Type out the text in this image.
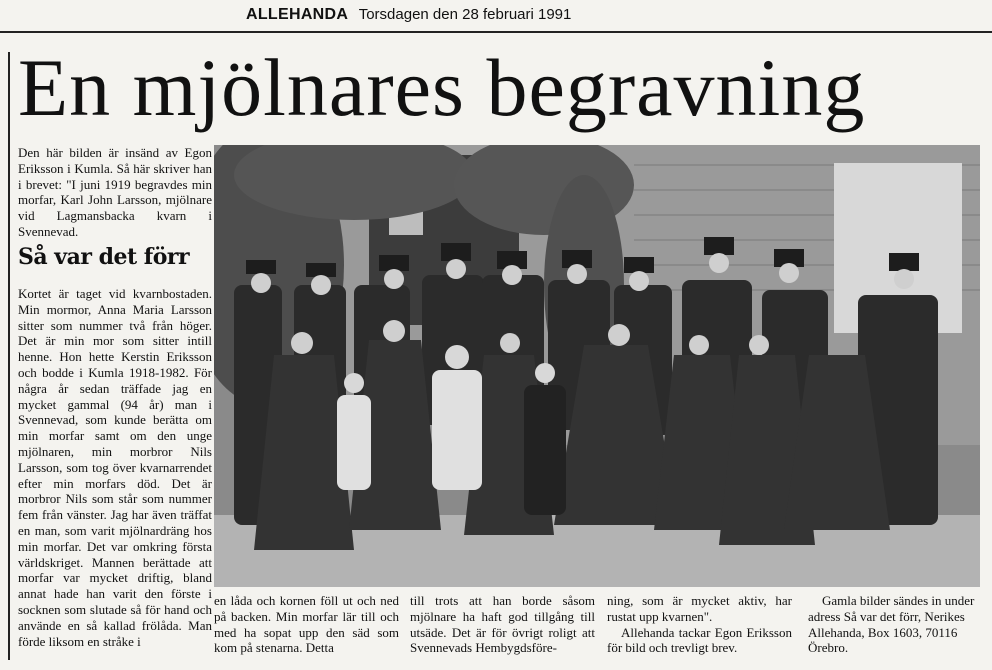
ALLEHANDA Torsdagen den 28 februari 1991
En mjölnares begravning
Den här bilden är insänd av Egon Eriksson i Kumla. Så här skriver han i brevet: "I juni 1919 begravdes min morfar, Karl John Larsson, mjölnare vid Lagmansbacka kvarn i Svennevad.
Så var det förr
Kortet är taget vid kvarnbostaden. Min mormor, Anna Maria Larsson sitter som nummer två från höger. Det är min mor som sitter intill henne. Hon hette Kerstin Eriksson och bodde i Kumla 1918-1982. För några år sedan träffade jag en mycket gammal (94 år) man i Svennevad, som kunde berätta om min morfar samt om den unge mjölnaren, min morbror Nils Larsson, som tog över kvarnarrendet efter min morfars död. Det är morbror Nils som står som nummer fem från vänster. Jag har även träffat en man, som varit mjölnardräng hos min morfar. Det var omkring första världskriget. Mannen berättade att morfar var mycket driftig, bland annat hade han varit den förste i socknen som slutade så för hand och använde en så kallad frölåda. Man förde liksom en stråke i
en låda och kornen föll ut och ned på backen. Min morfar lär till och med ha sopat upp den säd som kom på stenarna. Detta
till trots att han borde såsom mjölnare ha haft god tillgång till utsäde. Det är för övrigt roligt att Svennevads Hembygdsföre-
ning, som är mycket aktiv, har rustat upp kvarnen".
Allehanda tackar Egon Eriksson för bild och trevligt brev.
Gamla bilder sändes in under adress Så var det förr, Nerikes Allehanda, Box 1603, 70116 Örebro.
